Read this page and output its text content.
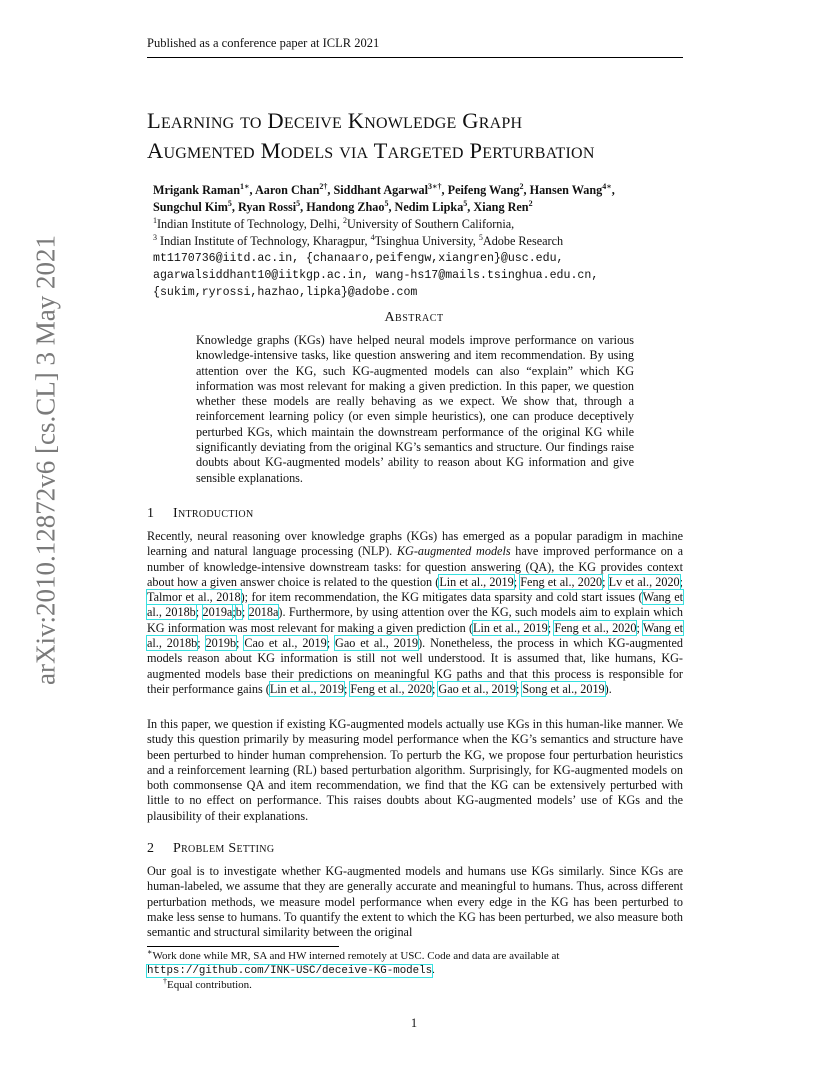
Published as a conference paper at ICLR 2021
arXiv:2010.12872v6 [cs.CL] 3 May 2021
Learning to Deceive Knowledge Graph
Augmented Models via Targeted Perturbation
Mrigank Raman$^{1∗}$, Aaron Chan$^{2\dagger}$, Siddhant Agarwal$^{3∗\dagger}$, Peifeng Wang$^2$, Hansen Wang$^{4∗}$,
Sungchul Kim$^5$, Ryan Rossi$^5$, Handong Zhao$^5$, Nedim Lipka$^5$, Xiang Ren$^2$
$^1$Indian Institute of Technology, Delhi, $^2$University of Southern California,
$^3$ Indian Institute of Technology, Kharagpur, $^4$Tsinghua University, $^5$Adobe Research
mt1170736@iitd.ac.in, {chanaaro,peifengw,xiangren}@usc.edu,
agarwalsiddhant10@iitkgp.ac.in, wang-hs17@mails.tsinghua.edu.cn,
{sukim,ryrossi,hazhao,lipka}@adobe.com
Abstract
Knowledge graphs (KGs) have helped neural models improve performance on various knowledge-intensive tasks, like question answering and item recommendation. By using attention over the KG, such KG-augmented models can also “explain” which KG information was most relevant for making a given prediction. In this paper, we question whether these models are really behaving as we expect. We show that, through a reinforcement learning policy (or even simple heuristics), one can produce deceptively perturbed KGs, which maintain the downstream performance of the original KG while significantly deviating from the original KG’s semantics and structure. Our findings raise doubts about KG-augmented models’ ability to reason about KG information and give sensible explanations.
1 Introduction
Recently, neural reasoning over knowledge graphs (KGs) has emerged as a popular paradigm in machine learning and natural language processing (NLP). KG-augmented models have improved performance on a number of knowledge-intensive downstream tasks: for question answering (QA), the KG provides context about how a given answer choice is related to the question (Lin et al., 2019; Feng et al., 2020; Lv et al., 2020; Talmor et al., 2018); for item recommendation, the KG mitigates data sparsity and cold start issues (Wang et al., 2018b; 2019a;b; 2018a). Furthermore, by using attention over the KG, such models aim to explain which KG information was most relevant for making a given prediction (Lin et al., 2019; Feng et al., 2020; Wang et al., 2018b; 2019b; Cao et al., 2019; Gao et al., 2019). Nonetheless, the process in which KG-augmented models reason about KG information is still not well understood. It is assumed that, like humans, KG-augmented models base their predictions on meaningful KG paths and that this process is responsible for their performance gains (Lin et al., 2019; Feng et al., 2020; Gao et al., 2019; Song et al., 2019).
In this paper, we question if existing KG-augmented models actually use KGs in this human-like manner. We study this question primarily by measuring model performance when the KG’s semantics and structure have been perturbed to hinder human comprehension. To perturb the KG, we propose four perturbation heuristics and a reinforcement learning (RL) based perturbation algorithm. Surprisingly, for KG-augmented models on both commonsense QA and item recommendation, we find that the KG can be extensively perturbed with little to no effect on performance. This raises doubts about KG-augmented models’ use of KGs and the plausibility of their explanations.
2 Problem Setting
Our goal is to investigate whether KG-augmented models and humans use KGs similarly. Since KGs are human-labeled, we assume that they are generally accurate and meaningful to humans. Thus, across different perturbation methods, we measure model performance when every edge in the KG has been perturbed to make less sense to humans. To quantify the extent to which the KG has been perturbed, we also measure both semantic and structural similarity between the original
∗Work done while MR, SA and HW interned remotely at USC. Code and data are available at https://github.com/INK-USC/deceive-KG-models.
†Equal contribution.
1
